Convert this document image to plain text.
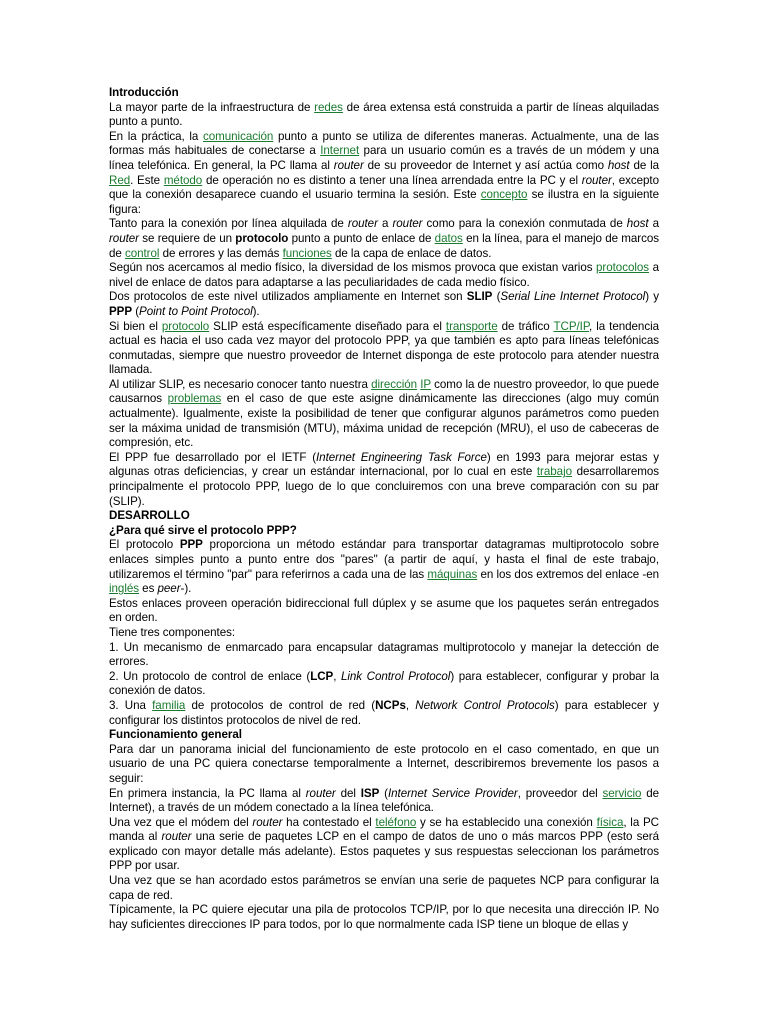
Introducción

La mayor parte de la infraestructura de redes de área extensa está construida a partir de líneas alquiladas punto a punto.

En la práctica, la comunicación punto a punto se utiliza de diferentes maneras. Actualmente, una de las formas más habituales de conectarse a Internet para un usuario común es a través de un módem y una línea telefónica. En general, la PC llama al router de su proveedor de Internet y así actúa como host de la Red. Este método de operación no es distinto a tener una línea arrendada entre la PC y el router, excepto que la conexión desaparece cuando el usuario termina la sesión. Este concepto se ilustra en la siguiente figura:

Tanto para la conexión por línea alquilada de router a router como para la conexión conmutada de host a router se requiere de un protocolo punto a punto de enlace de datos en la línea, para el manejo de marcos de control de errores y las demás funciones de la capa de enlace de datos.

Según nos acercamos al medio físico, la diversidad de los mismos provoca que existan varios protocolos a nivel de enlace de datos para adaptarse a las peculiaridades de cada medio físico.

Dos protocolos de este nivel utilizados ampliamente en Internet son SLIP (Serial Line Internet Protocol) y PPP (Point to Point Protocol).

Si bien el protocolo SLIP está específicamente diseñado para el transporte de tráfico TCP/IP, la tendencia actual es hacia el uso cada vez mayor del protocolo PPP, ya que también es apto para líneas telefónicas conmutadas, siempre que nuestro proveedor de Internet disponga de este protocolo para atender nuestra llamada.

Al utilizar SLIP, es necesario conocer tanto nuestra dirección IP como la de nuestro proveedor, lo que puede causarnos problemas en el caso de que este asigne dinámicamente las direcciones (algo muy común actualmente). Igualmente, existe la posibilidad de tener que configurar algunos parámetros como pueden ser la máxima unidad de transmisión (MTU), máxima unidad de recepción (MRU), el uso de cabeceras de compresión, etc.

El PPP fue desarrollado por el IETF (Internet Engineering Task Force) en 1993 para mejorar estas y algunas otras deficiencias, y crear un estándar internacional, por lo cual en este trabajo desarrollaremos principalmente el protocolo PPP, luego de lo que concluiremos con una breve comparación con su par (SLIP).

DESARROLLO
¿Para qué sirve el protocolo PPP?

El protocolo PPP proporciona un método estándar para transportar datagramas multiprotocolo sobre enlaces simples punto a punto entre dos "pares" (a partir de aquí, y hasta el final de este trabajo, utilizaremos el término "par" para referirnos a cada una de las máquinas en los dos extremos del enlace -en inglés es peer-).

Estos enlaces proveen operación bidireccional full dúplex y se asume que los paquetes serán entregados en orden.

Tiene tres componentes:

1. Un mecanismo de enmarcado para encapsular datagramas multiprotocolo y manejar la detección de errores.

2. Un protocolo de control de enlace (LCP, Link Control Protocol) para establecer, configurar y probar la conexión de datos.

3. Una familia de protocolos de control de red (NCPs, Network Control Protocols) para establecer y configurar los distintos protocolos de nivel de red.

Funcionamiento general

Para dar un panorama inicial del funcionamiento de este protocolo en el caso comentado, en que un usuario de una PC quiera conectarse temporalmente a Internet, describiremos brevemente los pasos a seguir:

En primera instancia, la PC llama al router del ISP (Internet Service Provider, proveedor del servicio de Internet), a través de un módem conectado a la línea telefónica.

Una vez que el módem del router ha contestado el teléfono y se ha establecido una conexión física, la PC manda al router una serie de paquetes LCP en el campo de datos de uno o más marcos PPP (esto será explicado con mayor detalle más adelante). Estos paquetes y sus respuestas seleccionan los parámetros PPP por usar.

Una vez que se han acordado estos parámetros se envían una serie de paquetes NCP para configurar la capa de red.

Típicamente, la PC quiere ejecutar una pila de protocolos TCP/IP, por lo que necesita una dirección IP. No hay suficientes direcciones IP para todos, por lo que normalmente cada ISP tiene un bloque de ellas y
